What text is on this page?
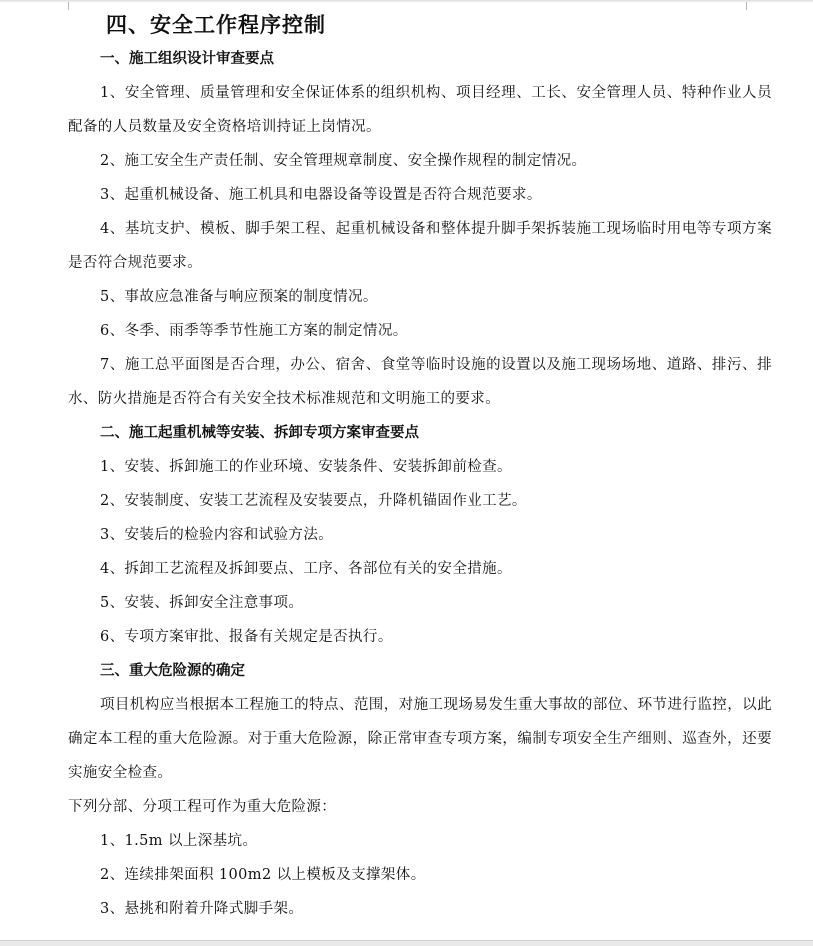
四、安全工作程序控制
一、施工组织设计审查要点
1、安全管理、质量管理和安全保证体系的组织机构、项目经理、工长、安全管理人员、特种作业人员配备的人员数量及安全资格培训持证上岗情况。
2、施工安全生产责任制、安全管理规章制度、安全操作规程的制定情况。
3、起重机械设备、施工机具和电器设备等设置是否符合规范要求。
4、基坑支护、模板、脚手架工程、起重机械设备和整体提升脚手架拆装施工现场临时用电等专项方案是否符合规范要求。
5、事故应急准备与响应预案的制度情况。
6、冬季、雨季等季节性施工方案的制定情况。
7、施工总平面图是否合理，办公、宿舍、食堂等临时设施的设置以及施工现场场地、道路、排污、排水、防火措施是否符合有关安全技术标准规范和文明施工的要求。
二、施工起重机械等安装、拆卸专项方案审查要点
1、安装、拆卸施工的作业环境、安装条件、安装拆卸前检查。
2、安装制度、安装工艺流程及安装要点，升降机锚固作业工艺。
3、安装后的检验内容和试验方法。
4、拆卸工艺流程及拆卸要点、工序、各部位有关的安全措施。
5、安装、拆卸安全注意事项。
6、专项方案审批、报备有关规定是否执行。
三、重大危险源的确定
项目机构应当根据本工程施工的特点、范围，对施工现场易发生重大事故的部位、环节进行监控，以此确定本工程的重大危险源。对于重大危险源，除正常审查专项方案，编制专项安全生产细则、巡查外，还要实施安全检查。
下列分部、分项工程可作为重大危险源：
1、1.5m 以上深基坑。
2、连续排架面积 100m2 以上模板及支撑架体。
3、悬挑和附着升降式脚手架。
